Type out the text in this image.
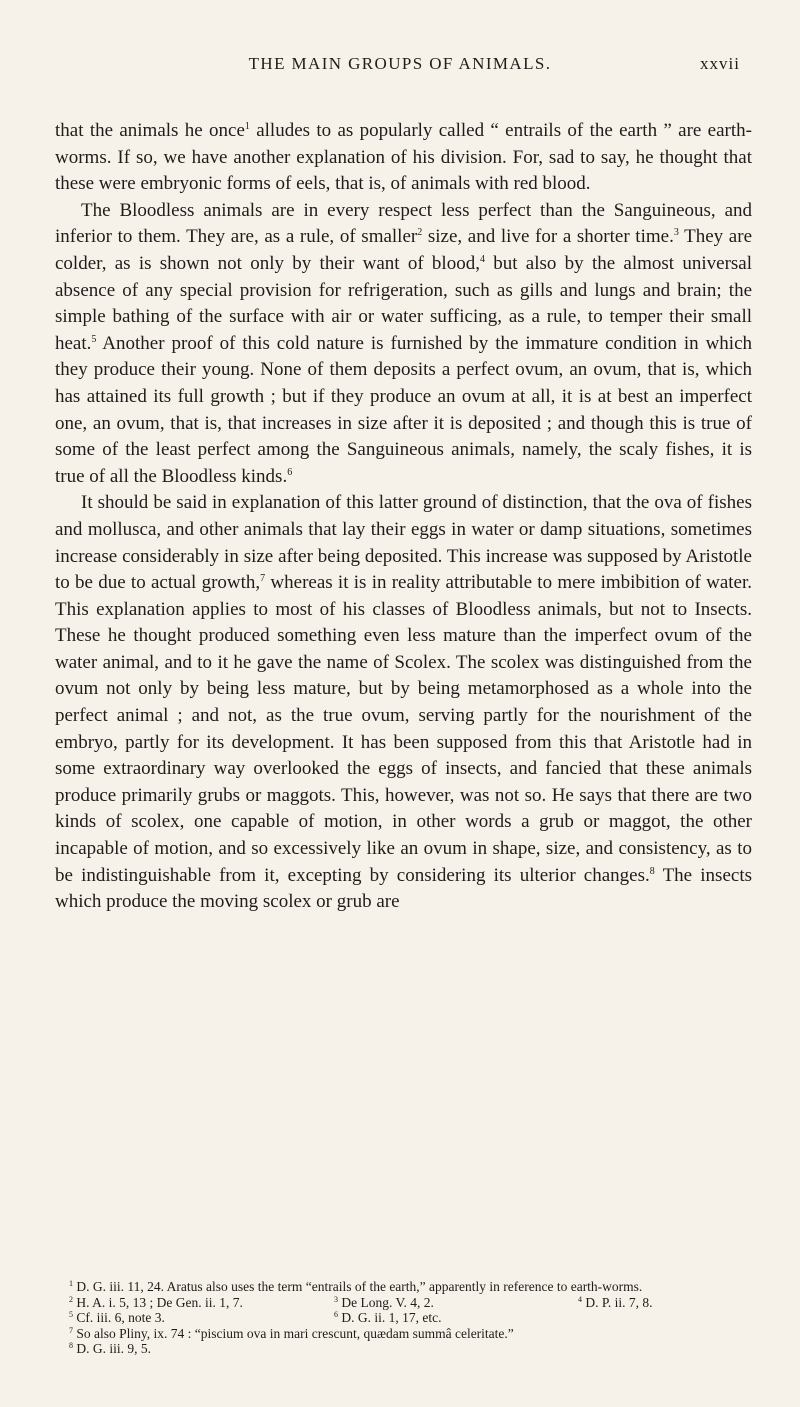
THE MAIN GROUPS OF ANIMALS.	xxvii

that the animals he once$^1$ alludes to as popularly called “ entrails of the earth ” are earth-worms. If so, we have another explanation of his division. For, sad to say, he thought that these were embryonic forms of eels, that is, of animals with red blood.

The Bloodless animals are in every respect less perfect than the Sanguineous, and inferior to them. They are, as a rule, of smaller$^2$ size, and live for a shorter time.$^3$ They are colder, as is shown not only by their want of blood,$^4$ but also by the almost universal absence of any special provision for refrigeration, such as gills and lungs and brain; the simple bathing of the surface with air or water sufficing, as a rule, to temper their small heat.$^5$ Another proof of this cold nature is furnished by the immature condition in which they produce their young. None of them deposits a perfect ovum, an ovum, that is, which has attained its full growth ; but if they produce an ovum at all, it is at best an imperfect one, an ovum, that is, that increases in size after it is deposited ; and though this is true of some of the least perfect among the Sanguineous animals, namely, the scaly fishes, it is true of all the Bloodless kinds.$^6$

It should be said in explanation of this latter ground of distinction, that the ova of fishes and mollusca, and other animals that lay their eggs in water or damp situations, sometimes increase considerably in size after being deposited. This increase was supposed by Aristotle to be due to actual growth,$^7$ whereas it is in reality attributable to mere imbibition of water. This explanation applies to most of his classes of Bloodless animals, but not to Insects. These he thought produced something even less mature than the imperfect ovum of the water animal, and to it he gave the name of Scolex. The scolex was distinguished from the ovum not only by being less mature, but by being metamorphosed as a whole into the perfect animal ; and not, as the true ovum, serving partly for the nourishment of the embryo, partly for its development. It has been supposed from this that Aristotle had in some extraordinary way overlooked the eggs of insects, and fancied that these animals produce primarily grubs or maggots. This, however, was not so. He says that there are two kinds of scolex, one capable of motion, in other words a grub or maggot, the other incapable of motion, and so excessively like an ovum in shape, size, and consistency, as to be indistinguishable from it, excepting by considering its ulterior changes.$^8$ The insects which produce the moving scolex or grub are

$^1$ D. G. iii. 11, 24. Aratus also uses the term “entrails of the earth,” apparently in reference to earth-worms.
$^2$ H. A. i. 5, 13 ; De Gen. ii. 1, 7.	$^3$ De Long. V. 4, 2.	$^4$ D. P. ii. 7, 8.
$^5$ Cf. iii. 6, note 3.	$^6$ D. G. ii. 1, 17, etc.
$^7$ So also Pliny, ix. 74 : “piscium ova in mari crescunt, quædam summâ celeritate.”
$^8$ D. G. iii. 9, 5.
